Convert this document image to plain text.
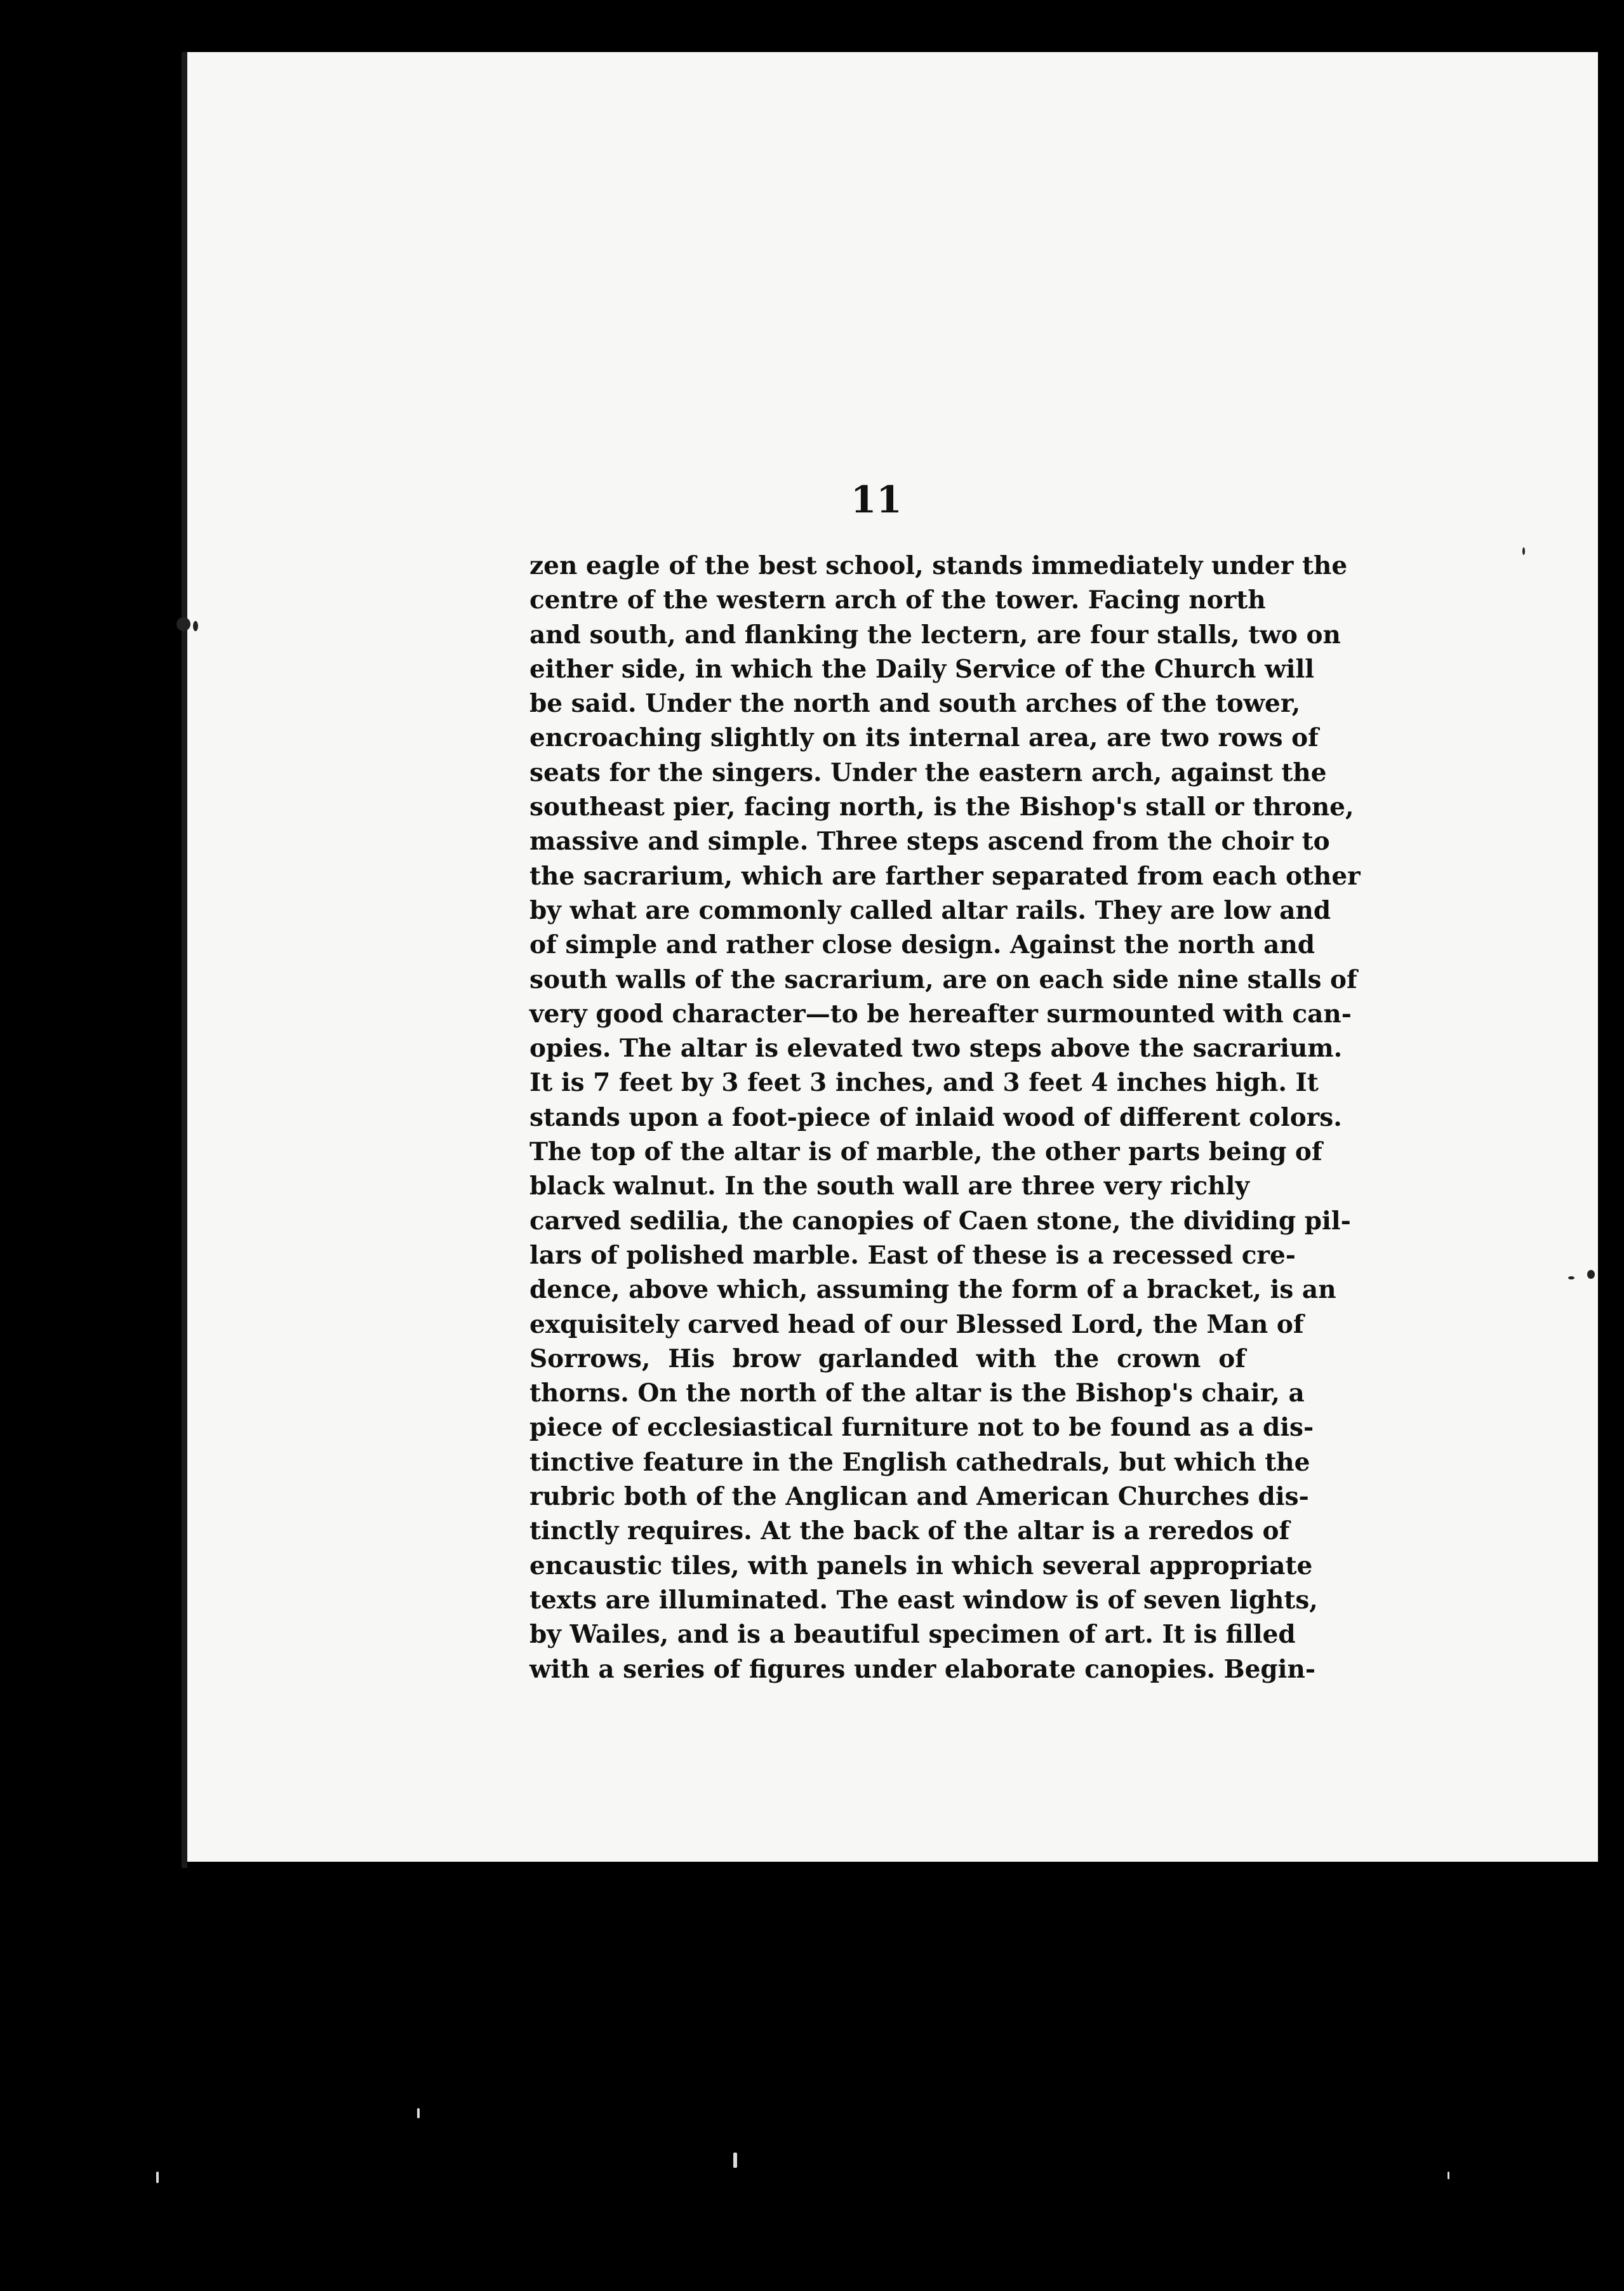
11
zen eagle of the best school, stands immediately under the
centre of the western arch of the tower. Facing north
and south, and flanking the lectern, are four stalls, two on
either side, in which the Daily Service of the Church will
be said. Under the north and south arches of the tower,
encroaching slightly on its internal area, are two rows of
seats for the singers. Under the eastern arch, against the
southeast pier, facing north, is the Bishop's stall or throne,
massive and simple. Three steps ascend from the choir to
the sacrarium, which are farther separated from each other
by what are commonly called altar rails. They are low and
of simple and rather close design. Against the north and
south walls of the sacrarium, are on each side nine stalls of
very good character—to be hereafter surmounted with can-
opies. The altar is elevated two steps above the sacrarium.
It is 7 feet by 3 feet 3 inches, and 3 feet 4 inches high. It
stands upon a foot-piece of inlaid wood of different colors.
The top of the altar is of marble, the other parts being of
black walnut. In the south wall are three very richly
carved sedilia, the canopies of Caen stone, the dividing pil-
lars of polished marble. East of these is a recessed cre-
dence, above which, assuming the form of a bracket, is an
exquisitely carved head of our Blessed Lord, the Man of
Sorrows, His brow garlanded with the crown of
thorns. On the north of the altar is the Bishop's chair, a
piece of ecclesiastical furniture not to be found as a dis-
tinctive feature in the English cathedrals, but which the
rubric both of the Anglican and American Churches dis-
tinctly requires. At the back of the altar is a reredos of
encaustic tiles, with panels in which several appropriate
texts are illuminated. The east window is of seven lights,
by Wailes, and is a beautiful specimen of art. It is filled
with a series of figures under elaborate canopies. Begin-
